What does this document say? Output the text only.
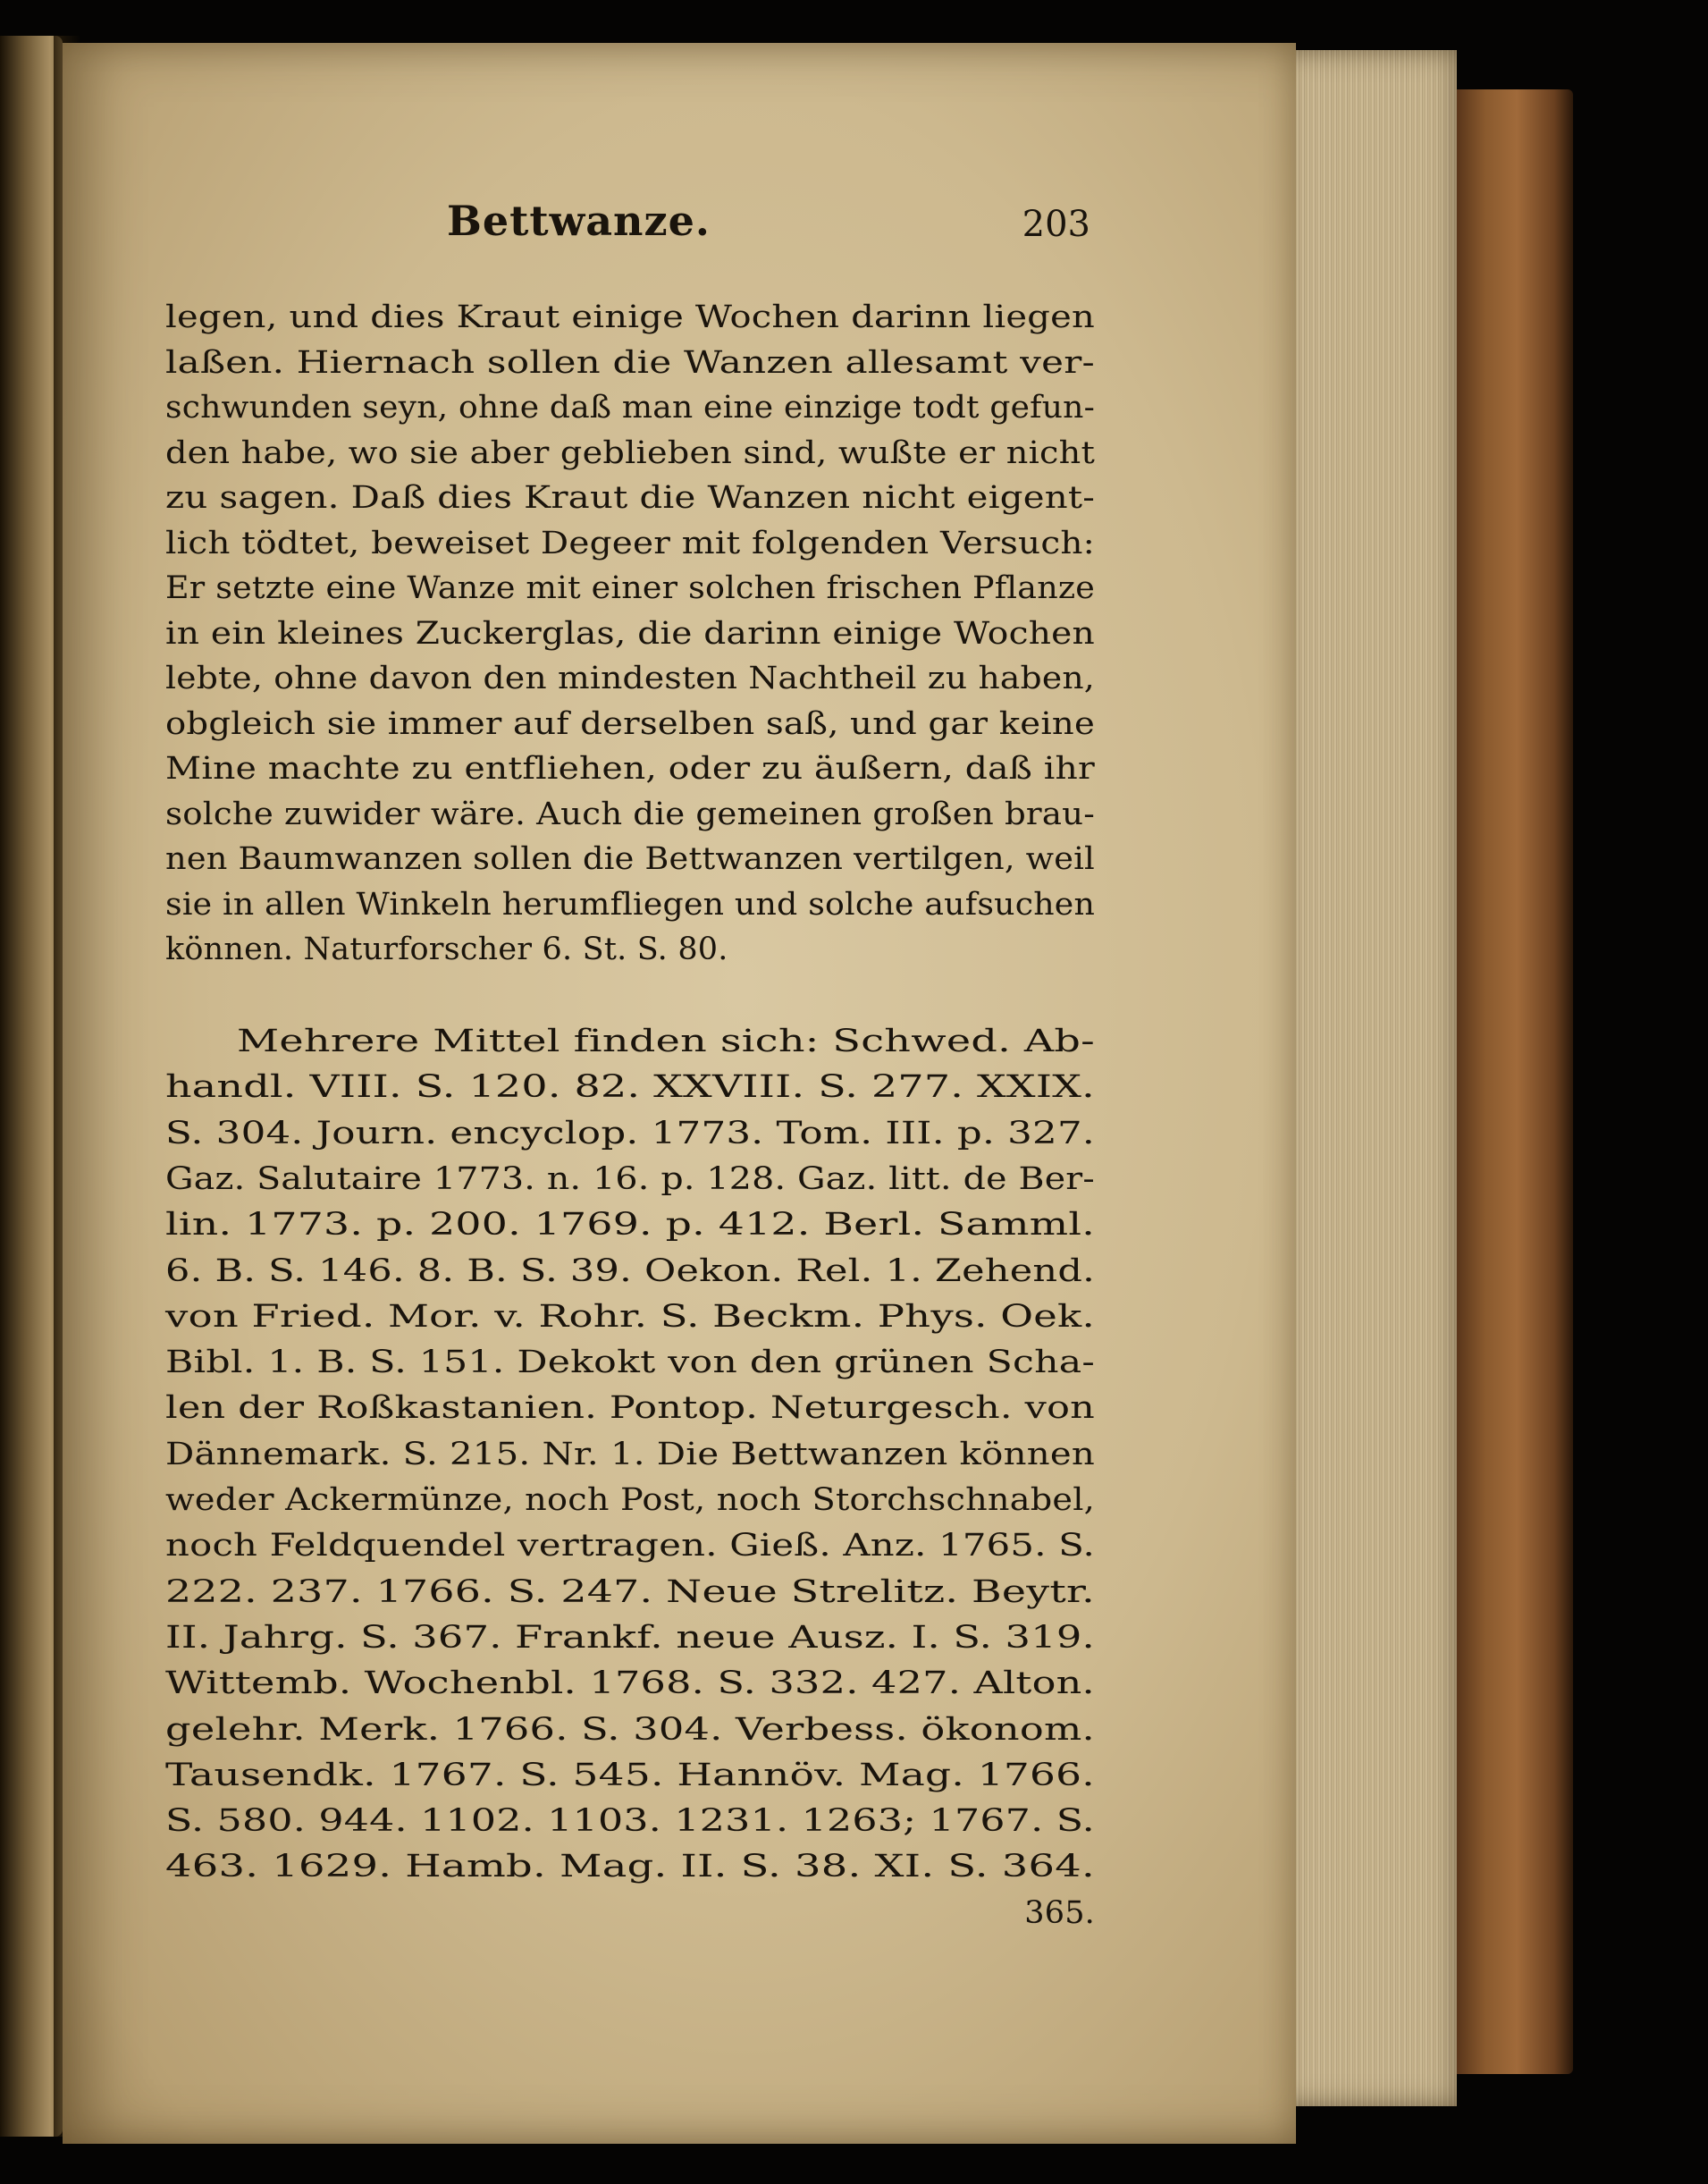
Bettwanze.	203
legen, und dies Kraut einige Wochen darinn liegen
laßen. Hiernach sollen die Wanzen allesamt ver-
schwunden seyn, ohne daß man eine einzige todt gefun-
den habe, wo sie aber geblieben sind, wußte er nicht
zu sagen. Daß dies Kraut die Wanzen nicht eigent-
lich tödtet, beweiset Degeer mit folgenden Versuch:
Er setzte eine Wanze mit einer solchen frischen Pflanze
in ein kleines Zuckerglas, die darinn einige Wochen
lebte, ohne davon den mindesten Nachtheil zu haben,
obgleich sie immer auf derselben saß, und gar keine
Mine machte zu entfliehen, oder zu äußern, daß ihr
solche zuwider wäre. Auch die gemeinen großen brau-
nen Baumwanzen sollen die Bettwanzen vertilgen, weil
sie in allen Winkeln herumfliegen und solche aufsuchen
können. Naturforscher 6. St. S. 80.
Mehrere Mittel finden sich: Schwed. Ab-
handl. VIII. S. 120. 82. XXVIII. S. 277. XXIX.
S. 304. Journ. encyclop. 1773. Tom. III. p. 327.
Gaz. Salutaire 1773. n. 16. p. 128. Gaz. litt. de Ber-
lin. 1773. p. 200. 1769. p. 412. Berl. Samml.
6. B. S. 146. 8. B. S. 39. Oekon. Rel. 1. Zehend.
von Fried. Mor. v. Rohr. S. Beckm. Phys. Oek.
Bibl. 1. B. S. 151. Dekokt von den grünen Scha-
len der Roßkastanien. Pontop. Neturgesch. von
Dännemark. S. 215. Nr. 1. Die Bettwanzen können
weder Ackermünze, noch Post, noch Storchschnabel,
noch Feldquendel vertragen. Gieß. Anz. 1765. S.
222. 237. 1766. S. 247. Neue Strelitz. Beytr.
II. Jahrg. S. 367. Frankf. neue Ausz. I. S. 319.
Wittemb. Wochenbl. 1768. S. 332. 427. Alton.
gelehr. Merk. 1766. S. 304. Verbess. ökonom.
Tausendk. 1767. S. 545. Hannöv. Mag. 1766.
S. 580. 944. 1102. 1103. 1231. 1263; 1767. S.
463. 1629. Hamb. Mag. II. S. 38. XI. S. 364.
365.
